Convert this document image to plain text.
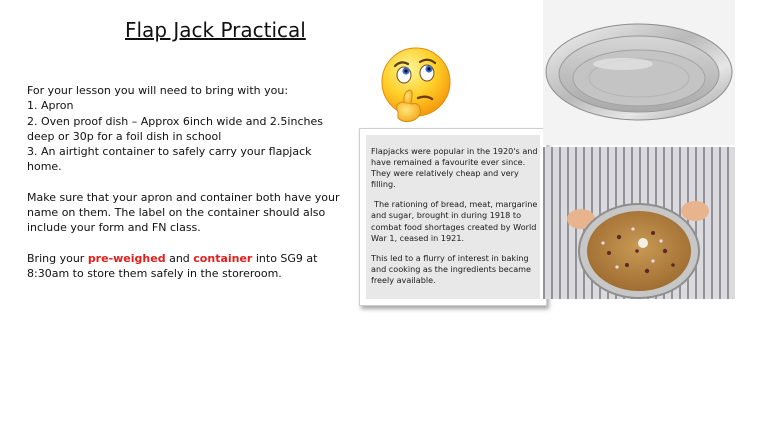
Flap Jack Practical

For your lesson you will need to bring with you:
1. Apron
2. Oven proof dish – Approx 6inch wide and 2.5inches deep or 30p for a foil dish in school
3. An airtight container to safely carry your flapjack home.

Make sure that your apron and container both have your name on them. The label on the container should also include your form and FN class.

Bring your pre-weighed and container into SG9 at 8:30am to store them safely in the storeroom.

Flapjacks were popular in the 1920's and have remained a favourite ever since. They were relatively cheap and very filling.

The rationing of bread, meat, margarine and sugar, brought in during 1918 to combat food shortages created by World War 1, ceased in 1921.

This led to a flurry of interest in baking and cooking as the ingredients became freely available.
